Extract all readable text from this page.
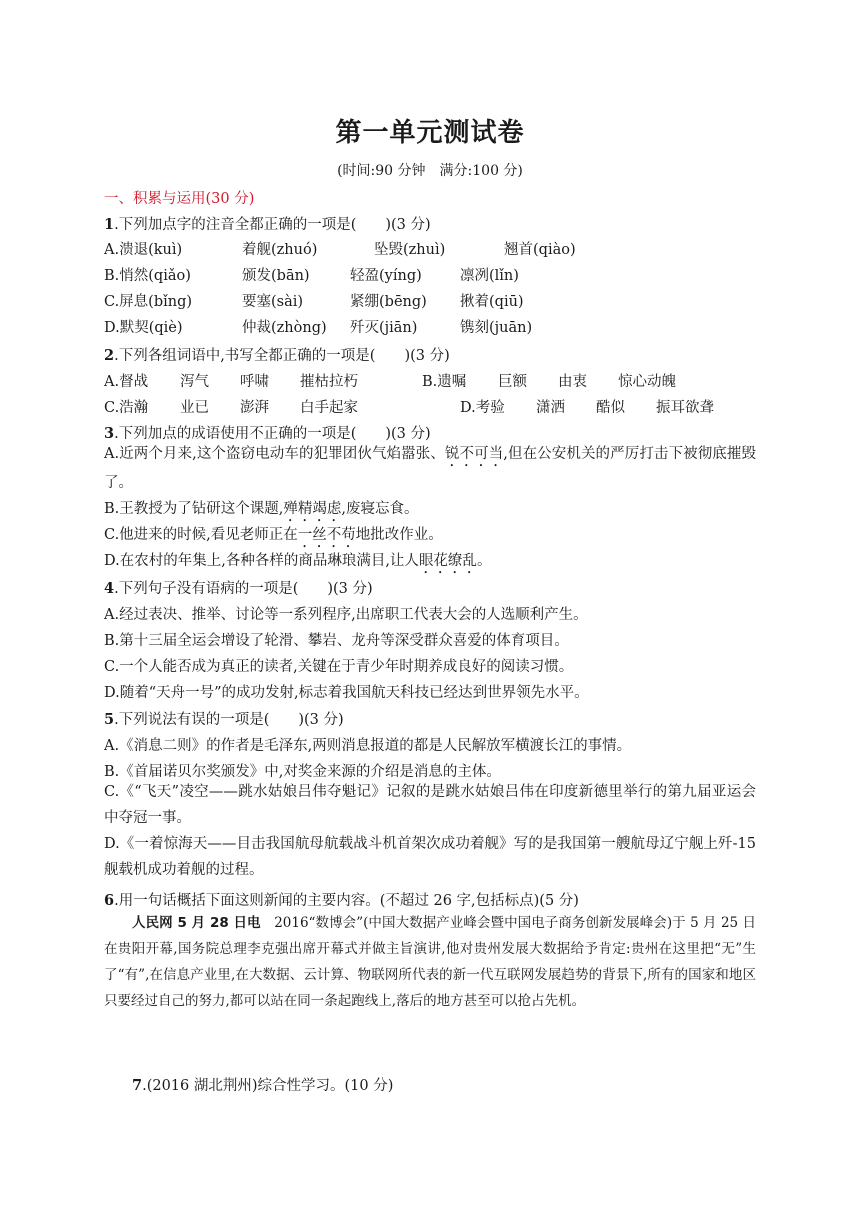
第一单元测试卷
(时间:90 分钟　满分:100 分)
一、积累与运用(30 分)
1.下列加点字的注音全都正确的一项是(　　)(3 分)
A.溃退(kuì)	着舰(zhuó)	坠毁(zhuì)	翘首(qiào)
B.悄然(qiǎo)	颁发(bān)	轻盈(yíng)	凛冽(lǐn)
C.屏息(bǐng)	要塞(sài)	紧绷(bēng) 揪着(qiū)
D.默契(qiè)	仲裁(zhòng) 歼灭(jiān)	镌刻(juān)
2.下列各组词语中,书写全都正确的一项是(　　)(3 分)
A.督战 泻气 呼啸 摧枯拉朽	B.遗嘱 巨额 由衷 惊心动魄
C.浩瀚 业已 澎湃 白手起家	D.考验 潇洒 酷似 振耳欲聋
3.下列加点的成语使用不正确的一项是(　　)(3 分)
A.近两个月来,这个盗窃电动车的犯罪团伙气焰嚣张、锐不可当,但在公安机关的严厉打击下被彻底摧毁了。
B.王教授为了钻研这个课题,殚精竭虑,废寝忘食。
C.他进来的时候,看见老师正在一丝不苟地批改作业。
D.在农村的年集上,各种各样的商品琳琅满目,让人眼花缭乱。
4.下列句子没有语病的一项是(　　)(3 分)
A.经过表决、推举、讨论等一系列程序,出席职工代表大会的人选顺利产生。
B.第十三届全运会增设了轮滑、攀岩、龙舟等深受群众喜爱的体育项目。
C.一个人能否成为真正的读者,关键在于青少年时期养成良好的阅读习惯。
D.随着“天舟一号”的成功发射,标志着我国航天科技已经达到世界领先水平。
5.下列说法有误的一项是(　　)(3 分)
A.《消息二则》的作者是毛泽东,两则消息报道的都是人民解放军横渡长江的事情。
B.《首届诺贝尔奖颁发》中,对奖金来源的介绍是消息的主体。
C.《“飞天”凌空——跳水姑娘吕伟夺魁记》记叙的是跳水姑娘吕伟在印度新德里举行的第九届亚运会中夺冠一事。
D.《一着惊海天——目击我国航母航载战斗机首架次成功着舰》写的是我国第一艘航母辽宁舰上歼-15 舰载机成功着舰的过程。
6.用一句话概括下面这则新闻的主要内容。(不超过 26 字,包括标点)(5 分)
人民网 5 月 28 日电　2016“数博会”(中国大数据产业峰会暨中国电子商务创新发展峰会)于 5 月 25 日在贵阳开幕,国务院总理李克强出席开幕式并做主旨演讲,他对贵州发展大数据给予肯定:贵州在这里把“无”生了“有”,在信息产业里,在大数据、云计算、物联网所代表的新一代互联网发展趋势的背景下,所有的国家和地区只要经过自己的努力,都可以站在同一条起跑线上,落后的地方甚至可以抢占先机。
7.(2016 湖北荆州)综合性学习。(10 分)
